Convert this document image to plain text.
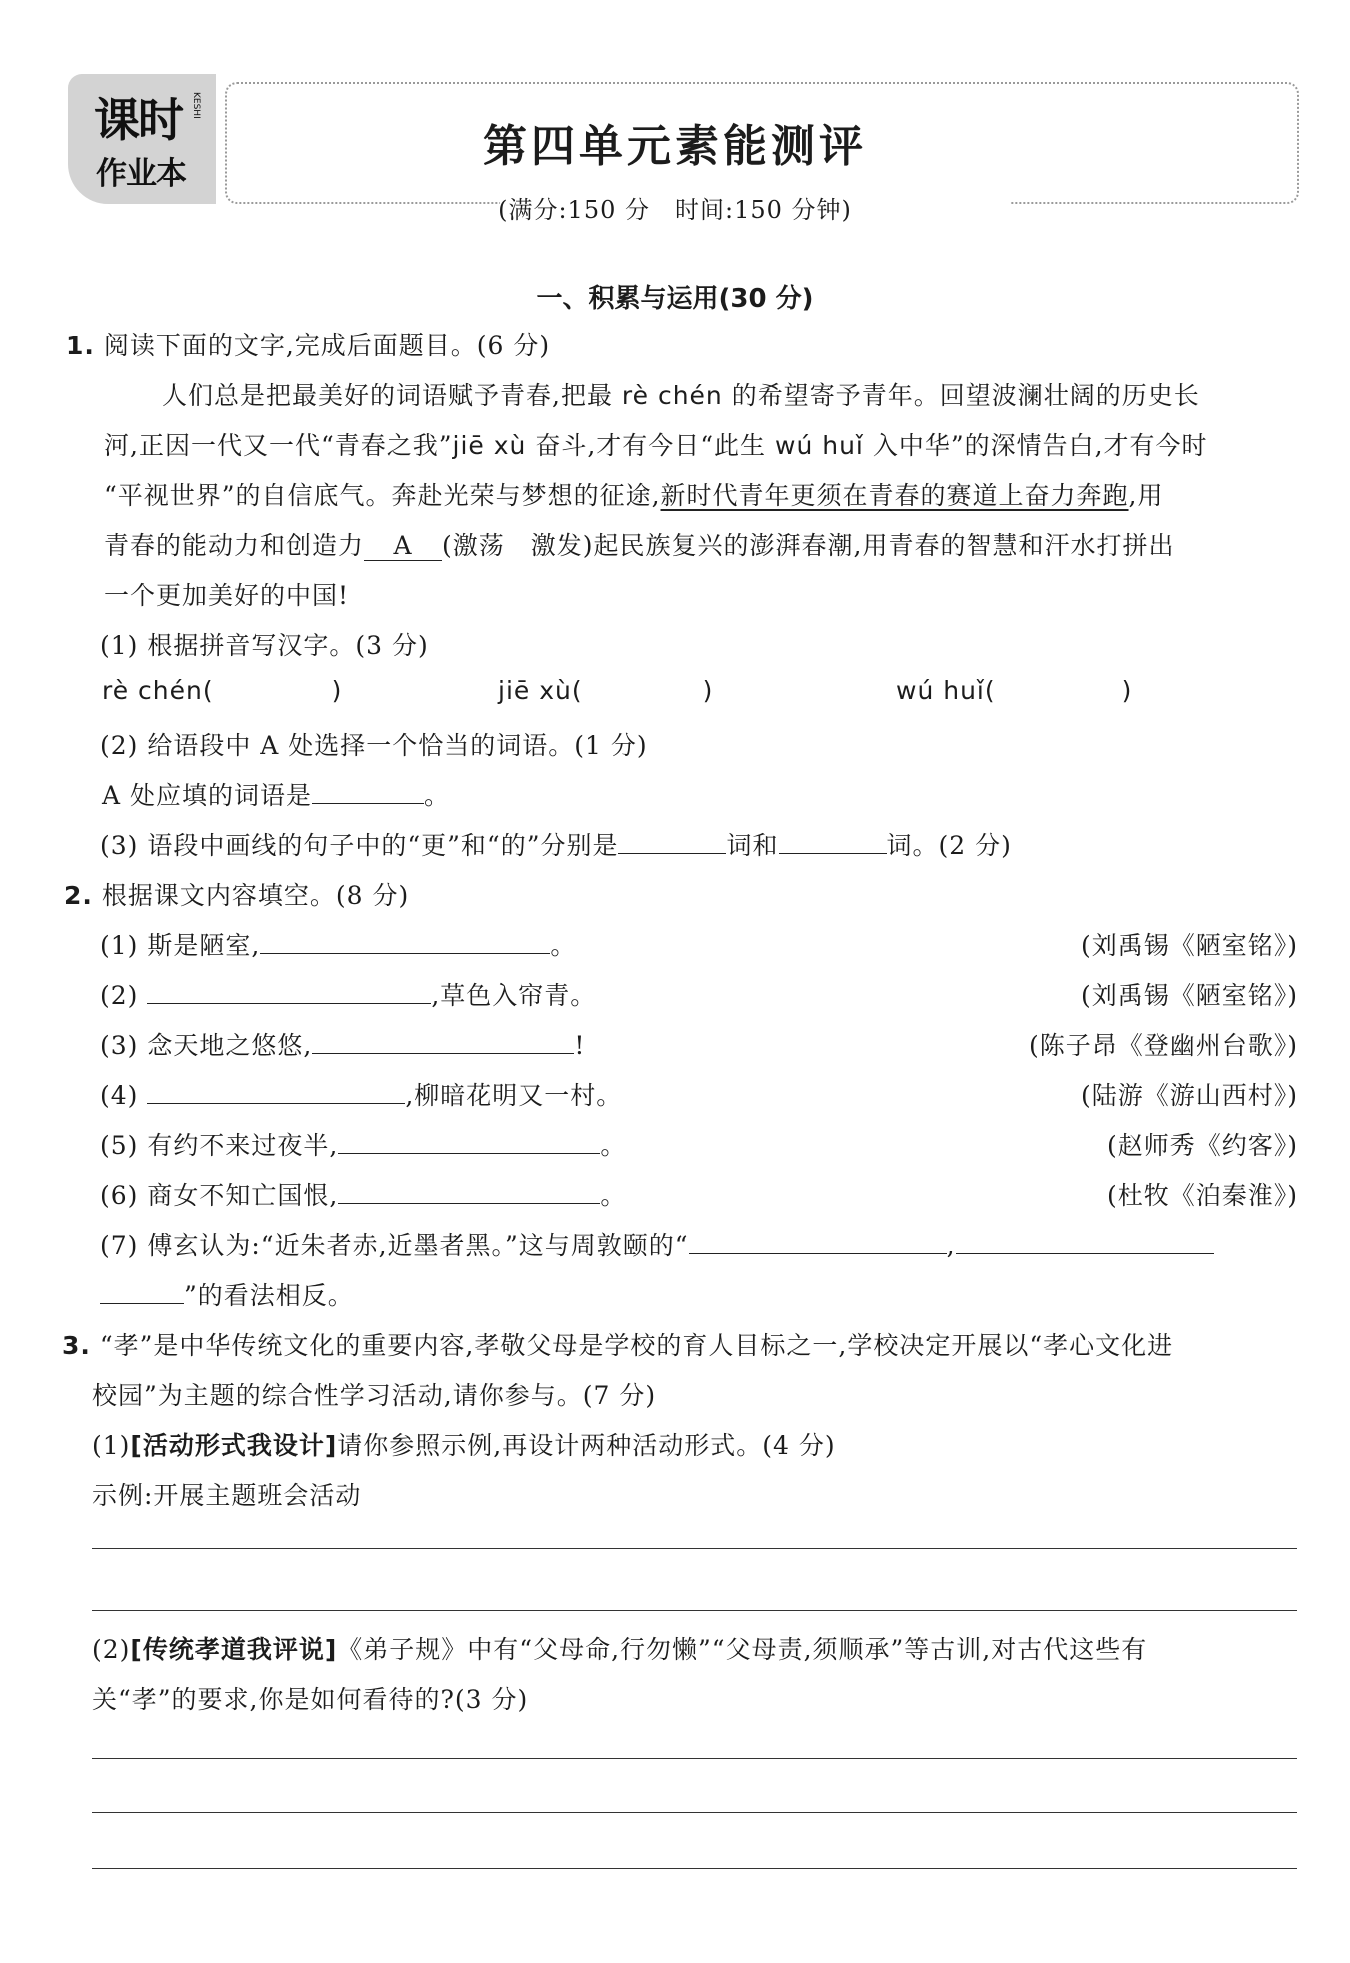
课时 KESHI
作业本
第四单元素能测评
(满分:150 分　时间:150 分钟)
一、积累与运用(30 分)
1. 阅读下面的文字,完成后面题目。(6 分)
人们总是把最美好的词语赋予青春,把最 rè chén 的希望寄予青年。回望波澜壮阔的历史长
河,正因一代又一代“青春之我”jiē xù 奋斗,才有今日“此生 wú huǐ 入中华”的深情告白,才有今时
“平视世界”的自信底气。奔赴光荣与梦想的征途,新时代青年更须在青春的赛道上奋力奔跑,用
青春的能动力和创造力 A (激荡　激发)起民族复兴的澎湃春潮,用青春的智慧和汗水打拼出
一个更加美好的中国!
(1) 根据拼音写汉字。(3 分)
rè chén(	)	jiē xù(	)	wú huǐ(	)
(2) 给语段中 A 处选择一个恰当的词语。(1 分)
A 处应填的词语是	。
(3) 语段中画线的句子中的“更”和“的”分别是	词和	词。(2 分)
2. 根据课文内容填空。(8 分)
(1) 斯是陋室,	。	(刘禹锡《陋室铭》)
(2)	,草色入帘青。	(刘禹锡《陋室铭》)
(3) 念天地之悠悠,	!	(陈子昂《登幽州台歌》)
(4)	,柳暗花明又一村。	(陆游《游山西村》)
(5) 有约不来过夜半,	。	(赵师秀《约客》)
(6) 商女不知亡国恨,	。	(杜牧《泊秦淮》)
(7) 傅玄认为:“近朱者赤,近墨者黑。”这与周敦颐的“	,
”的看法相反。
3. “孝”是中华传统文化的重要内容,孝敬父母是学校的育人目标之一,学校决定开展以“孝心文化进
校园”为主题的综合性学习活动,请你参与。(7 分)
(1)[活动形式我设计]请你参照示例,再设计两种活动形式。(4 分)
示例:开展主题班会活动
(2)[传统孝道我评说]《弟子规》中有“父母命,行勿懒”“父母责,须顺承”等古训,对古代这些有
关“孝”的要求,你是如何看待的?(3 分)
